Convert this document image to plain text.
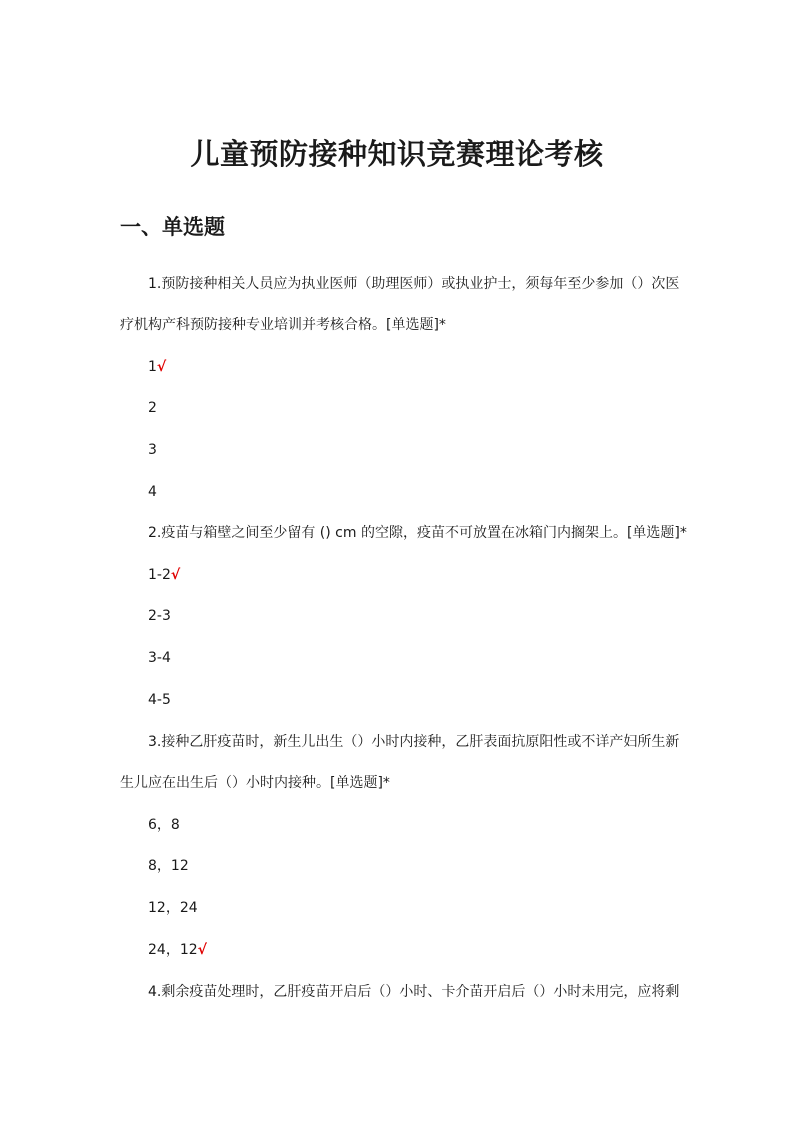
儿童预防接种知识竞赛理论考核
一、单选题

1.预防接种相关人员应为执业医师（助理医师）或执业护士，须每年至少参加（）次医

疗机构产科预防接种专业培训并考核合格。[单选题]*

1√

2

3

4

2.疫苗与箱壁之间至少留有 () cm 的空隙，疫苗不可放置在冰箱门内搁架上。[单选题]*

1-2√

2-3

3-4

4-5

3.接种乙肝疫苗时，新生儿出生（）小时内接种，乙肝表面抗原阳性或不详产妇所生新

生儿应在出生后（）小时内接种。[单选题]*

6，8

8，12

12，24

24，12√

4.剩余疫苗处理时，乙肝疫苗开启后（）小时、卡介苗开启后（）小时未用完，应将剩
